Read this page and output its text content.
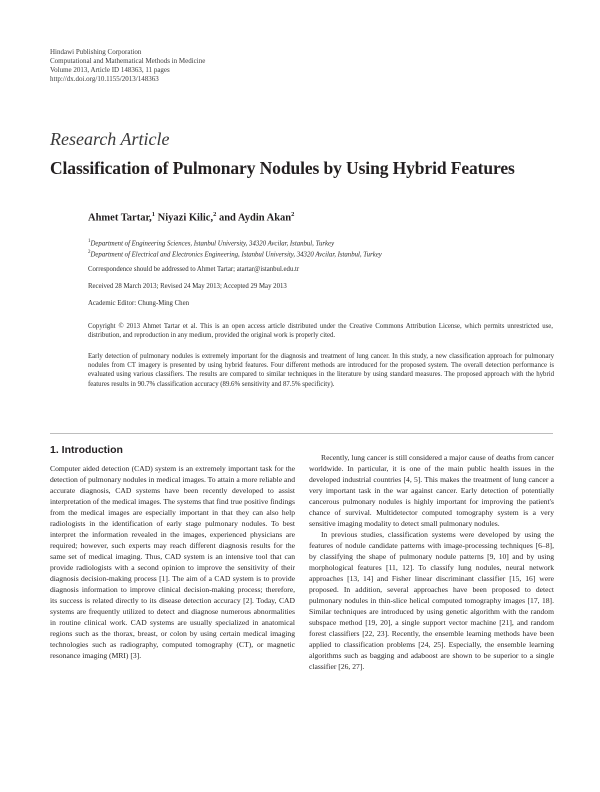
Hindawi Publishing Corporation
Computational and Mathematical Methods in Medicine
Volume 2013, Article ID 148363, 11 pages
http://dx.doi.org/10.1155/2013/148363
Research Article
Classification of Pulmonary Nodules by Using Hybrid Features
Ahmet Tartar,$^1$ Niyazi Kilic,$^2$ and Aydin Akan$^2$
$^1$Department of Engineering Sciences, Istanbul University, 34320 Avcilar, Istanbul, Turkey
$^2$Department of Electrical and Electronics Engineering, Istanbul University, 34320 Avcilar, Istanbul, Turkey
Correspondence should be addressed to Ahmet Tartar; atartar@istanbul.edu.tr
Received 28 March 2013; Revised 24 May 2013; Accepted 29 May 2013
Academic Editor: Chung-Ming Chen
Copyright © 2013 Ahmet Tartar et al. This is an open access article distributed under the Creative Commons Attribution License, which permits unrestricted use, distribution, and reproduction in any medium, provided the original work is properly cited.
Early detection of pulmonary nodules is extremely important for the diagnosis and treatment of lung cancer. In this study, a new classification approach for pulmonary nodules from CT imagery is presented by using hybrid features. Four different methods are introduced for the proposed system. The overall detection performance is evaluated using various classifiers. The results are compared to similar techniques in the literature by using standard measures. The proposed approach with the hybrid features results in 90.7% classification accuracy (89.6% sensitivity and 87.5% specificity).
1. Introduction

Computer aided detection (CAD) system is an extremely important task for the detection of pulmonary nodules in medical images. To attain a more reliable and accurate diagnosis, CAD systems have been recently developed to assist interpretation of the medical images. The systems that find true positive findings from the medical images are especially important in that they can also help radiologists in the identification of early stage pulmonary nodules. To best interpret the information revealed in the images, experienced physicians are required; however, such experts may reach different diagnosis results for the same set of medical imaging. Thus, CAD system is an intensive tool that can provide radiologists with a second opinion to improve the sensitivity of their diagnosis decision-making process [1]. The aim of a CAD system is to provide diagnosis information to improve clinical decision-making process; therefore, its success is related directly to its disease detection accuracy [2]. Today, CAD systems are frequently utilized to detect and diagnose numerous abnormalities in routine clinical work. CAD systems are usually specialized in anatomical regions such as the thorax, breast, or colon by using certain medical imaging technologies such as radiography, computed tomography (CT), or magnetic resonance imaging (MRI) [3].

Recently, lung cancer is still considered a major cause of deaths from cancer worldwide. In particular, it is one of the main public health issues in the developed industrial countries [4, 5]. This makes the treatment of lung cancer a very important task in the war against cancer. Early detection of potentially cancerous pulmonary nodules is highly important for improving the patient's chance of survival. Multidetector computed tomography system is a very sensitive imaging modality to detect small pulmonary nodules.

In previous studies, classification systems were developed by using the features of nodule candidate patterns with image-processing techniques [6–8], by classifying the shape of pulmonary nodule patterns [9, 10] and by using morphological features [11, 12]. To classify lung nodules, neural network approaches [13, 14] and Fisher linear discriminant classifier [15, 16] were proposed. In addition, several approaches have been proposed to detect pulmonary nodules in thin-slice helical computed tomography images [17, 18]. Similar techniques are introduced by using genetic algorithm with the random subspace method [19, 20], a single support vector machine [21], and random forest classifiers [22, 23]. Recently, the ensemble learning methods have been applied to classification problems [24, 25]. Especially, the ensemble learning algorithms such as bagging and adaboost are shown to be superior to a single classifier [26, 27].
